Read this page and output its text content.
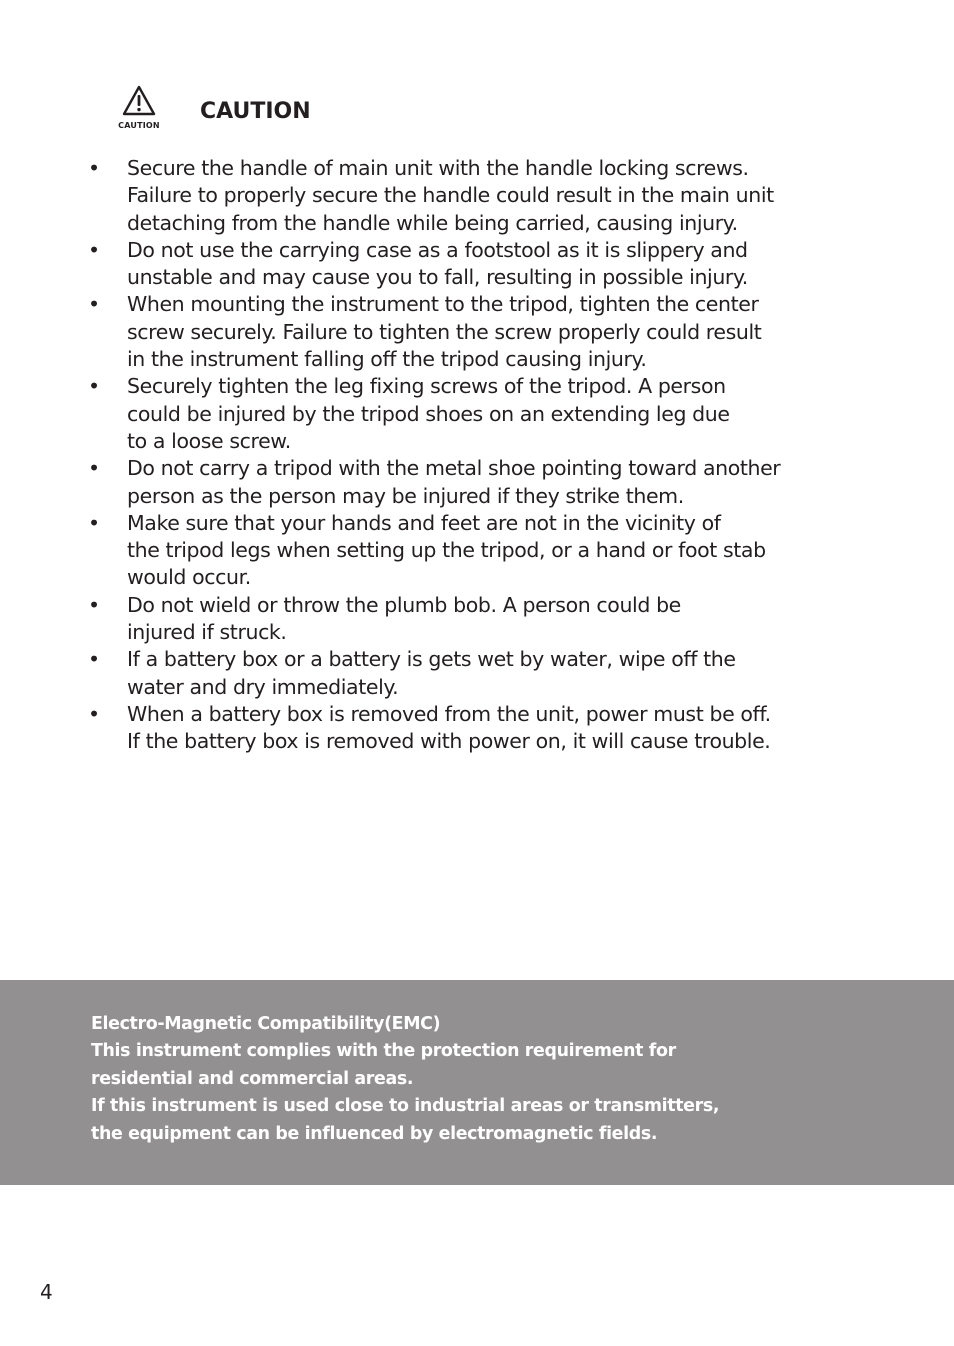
CAUTION
CAUTION
• Secure the handle of main unit with the handle locking screws.
Failure to properly secure the handle could result in the main unit
detaching from the handle while being carried, causing injury.
• Do not use the carrying case as a footstool as it is slippery and
unstable and may cause you to fall, resulting in possible injury.
• When mounting the instrument to the tripod, tighten the center
screw securely. Failure to tighten the screw properly could result
in the instrument falling off the tripod causing injury.
• Securely tighten the leg fixing screws of the tripod. A person
could be injured by the tripod shoes on an extending leg due
to a loose screw.
• Do not carry a tripod with the metal shoe pointing toward another
person as the person may be injured if they strike them.
• Make sure that your hands and feet are not in the vicinity of
the tripod legs when setting up the tripod, or a hand or foot stab
would occur.
• Do not wield or throw the plumb bob. A person could be
injured if struck.
• If a battery box or a battery is gets wet by water, wipe off the
water and dry immediately.
• When a battery box is removed from the unit, power must be off.
If the battery box is removed with power on, it will cause trouble.
Electro-Magnetic Compatibility(EMC)
This instrument complies with the protection requirement for
residential and commercial areas.
If this instrument is used close to industrial areas or transmitters,
the equipment can be influenced by electromagnetic fields.
4
